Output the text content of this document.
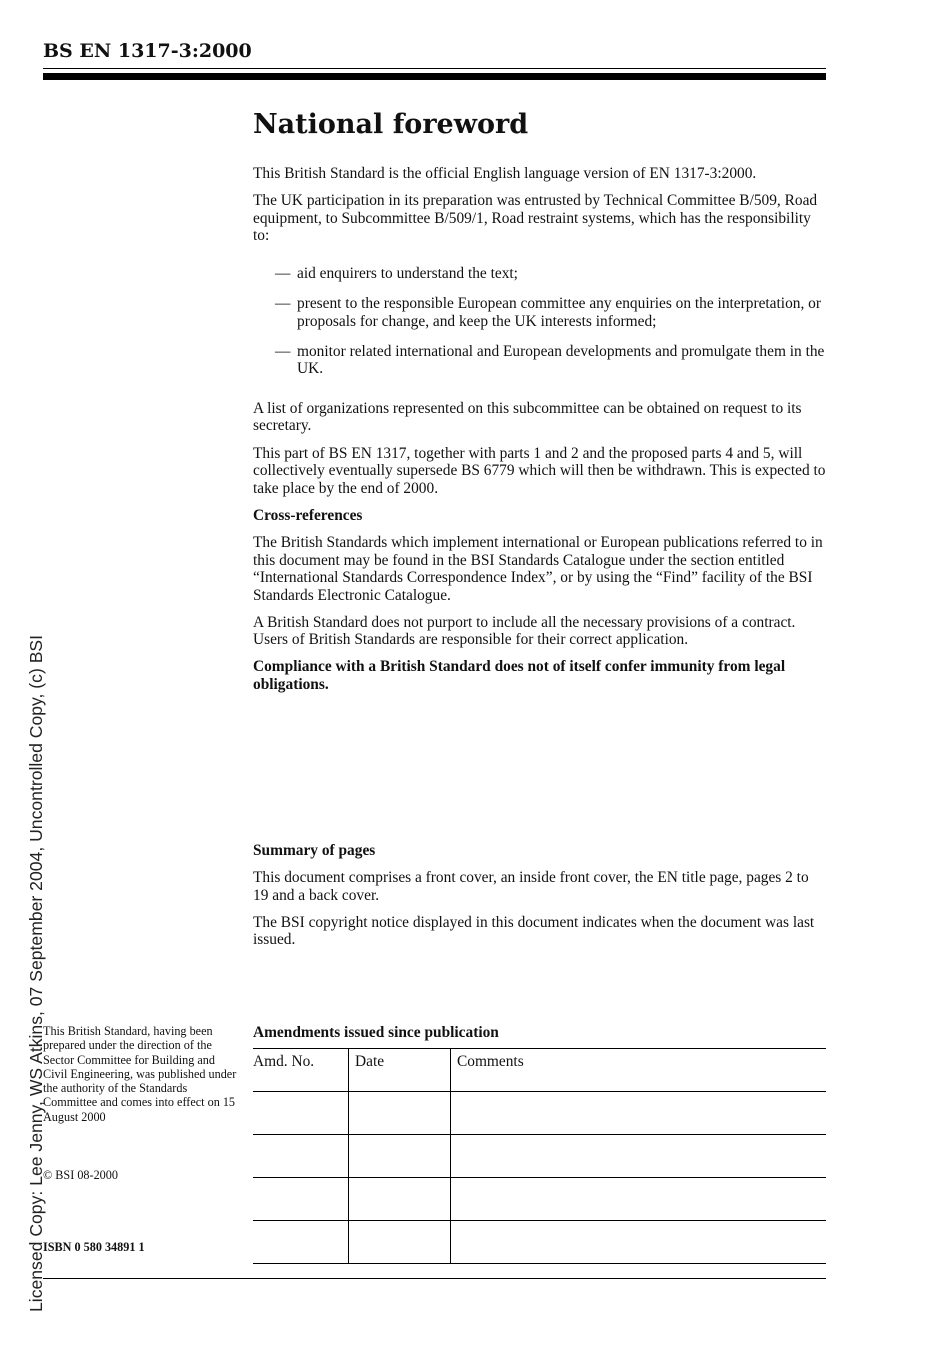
BS EN 1317-3:2000
National foreword

This British Standard is the official English language version of EN 1317-3:2000.

The UK participation in its preparation was entrusted by Technical Committee B/509, Road equipment, to Subcommittee B/509/1, Road restraint systems, which has the responsibility to:

— aid enquirers to understand the text;
— present to the responsible European committee any enquiries on the interpretation, or proposals for change, and keep the UK interests informed;
— monitor related international and European developments and promulgate them in the UK.

A list of organizations represented on this subcommittee can be obtained on request to its secretary.

This part of BS EN 1317, together with parts 1 and 2 and the proposed parts 4 and 5, will collectively eventually supersede BS 6779 which will then be withdrawn. This is expected to take place by the end of 2000.

Cross-references

The British Standards which implement international or European publications referred to in this document may be found in the BSI Standards Catalogue under the section entitled “International Standards Correspondence Index”, or by using the “Find” facility of the BSI Standards Electronic Catalogue.

A British Standard does not purport to include all the necessary provisions of a contract. Users of British Standards are responsible for their correct application.

Compliance with a British Standard does not of itself confer immunity from legal obligations.

Summary of pages

This document comprises a front cover, an inside front cover, the EN title page, pages 2 to 19 and a back cover.

The BSI copyright notice displayed in this document indicates when the document was last issued.

This British Standard, having been prepared under the direction of the Sector Committee for Building and Civil Engineering, was published under the authority of the Standards Committee and comes into effect on 15 August 2000
© BSI 08-2000
ISBN 0 580 34891 1
Amendments issued since publication
Amd. No.	Date	Comments

Licensed Copy: Lee Jenny, WS Atkins, 07 September 2004, Uncontrolled Copy, (c) BSI
